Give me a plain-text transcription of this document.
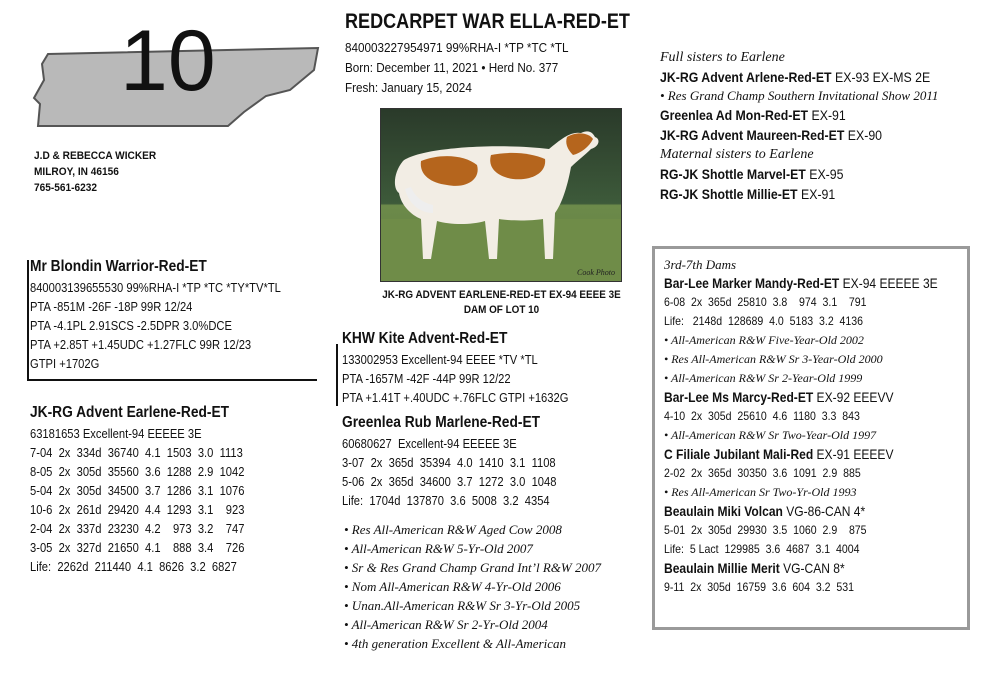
10
J.D & REBECCA WICKER
MILROY, IN 46156
765-561-6232
REDCARPET WAR ELLA-RED-ET
840003227954971 99%RHA-I *TP *TC *TL
Born: December 11, 2021 • Herd No. 377
Fresh: January 15, 2024
Cook Photo
JK-RG ADVENT EARLENE-RED-ET EX-94 EEEE 3E
DAM OF LOT 10
Mr Blondin Warrior-Red-ET
840003139655530 99%RHA-I *TP *TC *TY*TV*TL
PTA -851M -26F -18P 99R 12/24
PTA -4.1PL 2.91SCS -2.5DPR 3.0%DCE
PTA +2.85T +1.45UDC +1.27FLC 99R 12/23
GTPI +1702G
JK-RG Advent Earlene-Red-ET
63181653 Excellent-94 EEEEE 3E
7-04  2x  334d  36740  4.1  1503  3.0  1113
8-05  2x  305d  35560  3.6  1288  2.9  1042
5-04  2x  305d  34500  3.7  1286  3.1  1076
10-6  2x  261d  29420  4.4  1293  3.1    923
2-04  2x  337d  23230  4.2    973  3.2    747
3-05  2x  327d  21650  4.1    888  3.4    726
Life:  2262d  211440  4.1  8626  3.2  6827
KHW Kite Advent-Red-ET
133002953 Excellent-94 EEEE *TV *TL
PTA -1657M -42F -44P 99R 12/22
PTA +1.41T +.40UDC +.76FLC GTPI +1632G
Greenlea Rub Marlene-Red-ET
60680627  Excellent-94 EEEEE 3E
3-07  2x  365d  35394  4.0  1410  3.1  1108
5-06  2x  365d  34600  3.7  1272  3.0  1048
Life:  1704d  137870  3.6  5008  3.2  4354
• Res All-American R&W Aged Cow 2008
• All-American R&W 5-Yr-Old 2007
• Sr & Res Grand Champ Grand Int’l R&W 2007
• Nom All-American R&W 4-Yr-Old 2006
• Unan.All-American R&W Sr 3-Yr-Old 2005
• All-American R&W Sr 2-Yr-Old 2004
• 4th generation Excellent & All-American
Full sisters to Earlene
JK-RG Advent Arlene-Red-ET EX-93 EX-MS 2E
• Res Grand Champ Southern Invitational Show 2011
Greenlea Ad Mon-Red-ET EX-91
JK-RG Advent Maureen-Red-ET EX-90
Maternal sisters to Earlene
RG-JK Shottle Marvel-ET EX-95
RG-JK Shottle Millie-ET EX-91
3rd-7th Dams
Bar-Lee Marker Mandy-Red-ET EX-94 EEEEE 3E
6-08  2x  365d  25810  3.8    974  3.1    791
Life:   2148d  128689  4.0  5183  3.2  4136
• All-American R&W Five-Year-Old 2002
• Res All-American R&W Sr 3-Year-Old 2000
• All-American R&W Sr 2-Year-Old 1999
Bar-Lee Ms Marcy-Red-ET EX-92 EEEVV
4-10  2x  305d  25610  4.6  1180  3.3  843
• All-American R&W Sr Two-Year-Old 1997
C Filiale Jubilant Mali-Red EX-91 EEEEV
2-02  2x  365d  30350  3.6  1091  2.9  885
• Res All-American Sr Two-Yr-Old 1993
Beaulain Miki Volcan VG-86-CAN 4*
5-01  2x  305d  29930  3.5  1060  2.9    875
Life:  5 Lact  129985  3.6  4687  3.1  4004
Beaulain Millie Merit VG-CAN 8*
9-11  2x  305d  16759  3.6  604  3.2  531
